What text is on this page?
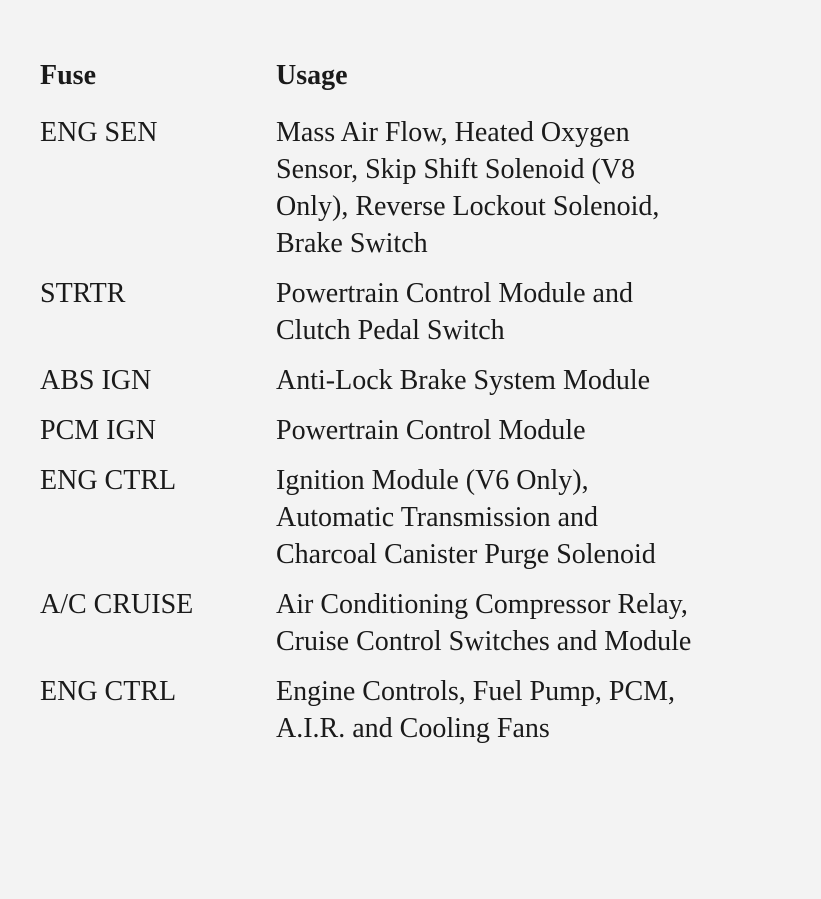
Fuse	Usage
ENG SEN	Mass Air Flow, Heated Oxygen
Sensor, Skip Shift Solenoid (V8
Only), Reverse Lockout Solenoid,
Brake Switch
STRTR	Powertrain Control Module and
Clutch Pedal Switch
ABS IGN	Anti-Lock Brake System Module
PCM IGN	Powertrain Control Module
ENG CTRL	Ignition Module (V6 Only),
Automatic Transmission and
Charcoal Canister Purge Solenoid
A/C CRUISE	Air Conditioning Compressor Relay,
Cruise Control Switches and Module
ENG CTRL	Engine Controls, Fuel Pump, PCM,
A.I.R. and Cooling Fans
